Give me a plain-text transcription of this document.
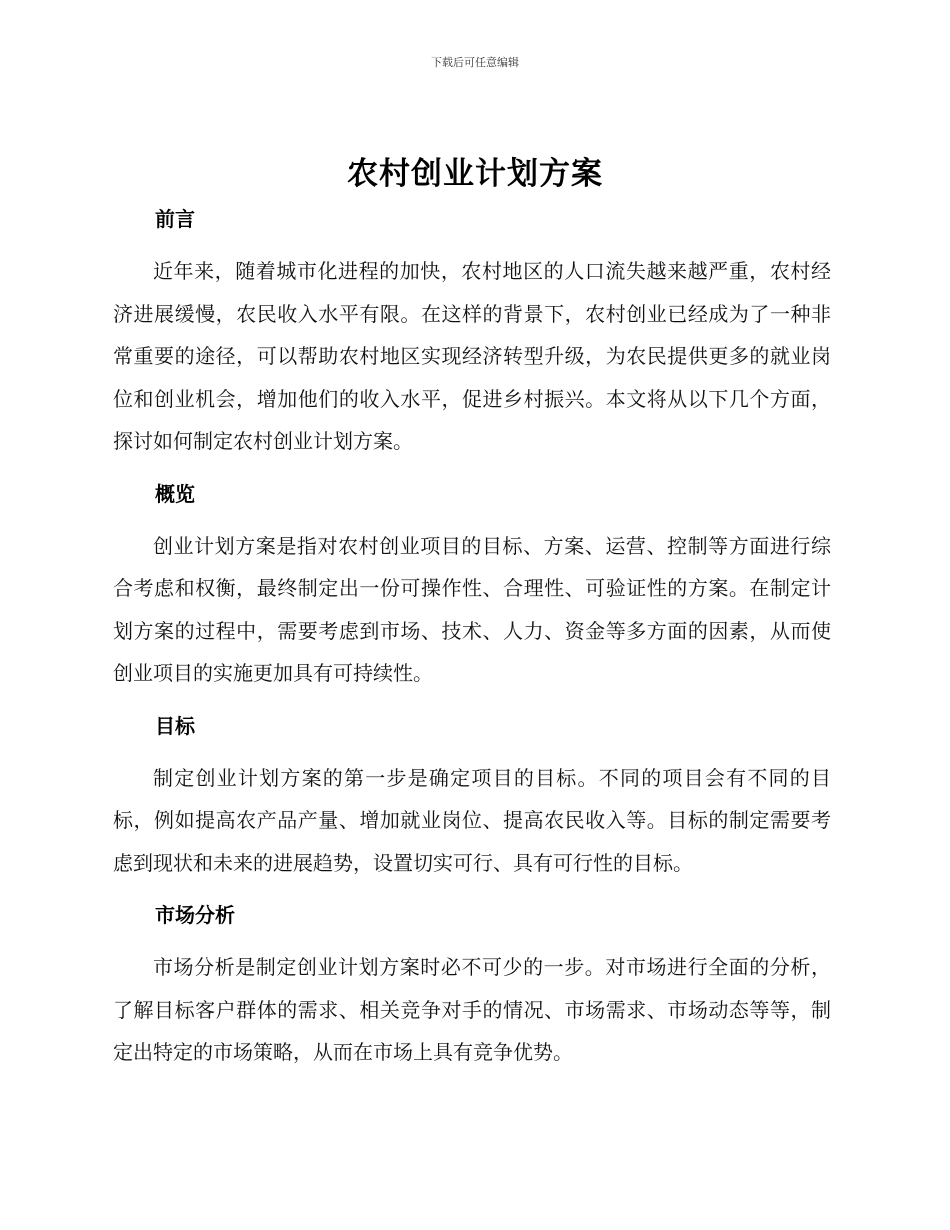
下载后可任意编辑
农村创业计划方案
前言

近年来，随着城市化进程的加快，农村地区的人口流失越来越严重，农村经济进展缓慢，农民收入水平有限。在这样的背景下，农村创业已经成为了一种非常重要的途径，可以帮助农村地区实现经济转型升级，为农民提供更多的就业岗位和创业机会，增加他们的收入水平，促进乡村振兴。本文将从以下几个方面，探讨如何制定农村创业计划方案。

概览

创业计划方案是指对农村创业项目的目标、方案、运营、控制等方面进行综合考虑和权衡，最终制定出一份可操作性、合理性、可验证性的方案。在制定计划方案的过程中，需要考虑到市场、技术、人力、资金等多方面的因素，从而使创业项目的实施更加具有可持续性。

目标

制定创业计划方案的第一步是确定项目的目标。不同的项目会有不同的目标，例如提高农产品产量、增加就业岗位、提高农民收入等。目标的制定需要考虑到现状和未来的进展趋势，设置切实可行、具有可行性的目标。

市场分析

市场分析是制定创业计划方案时必不可少的一步。对市场进行全面的分析，了解目标客户群体的需求、相关竞争对手的情况、市场需求、市场动态等等，制定出特定的市场策略，从而在市场上具有竞争优势。
